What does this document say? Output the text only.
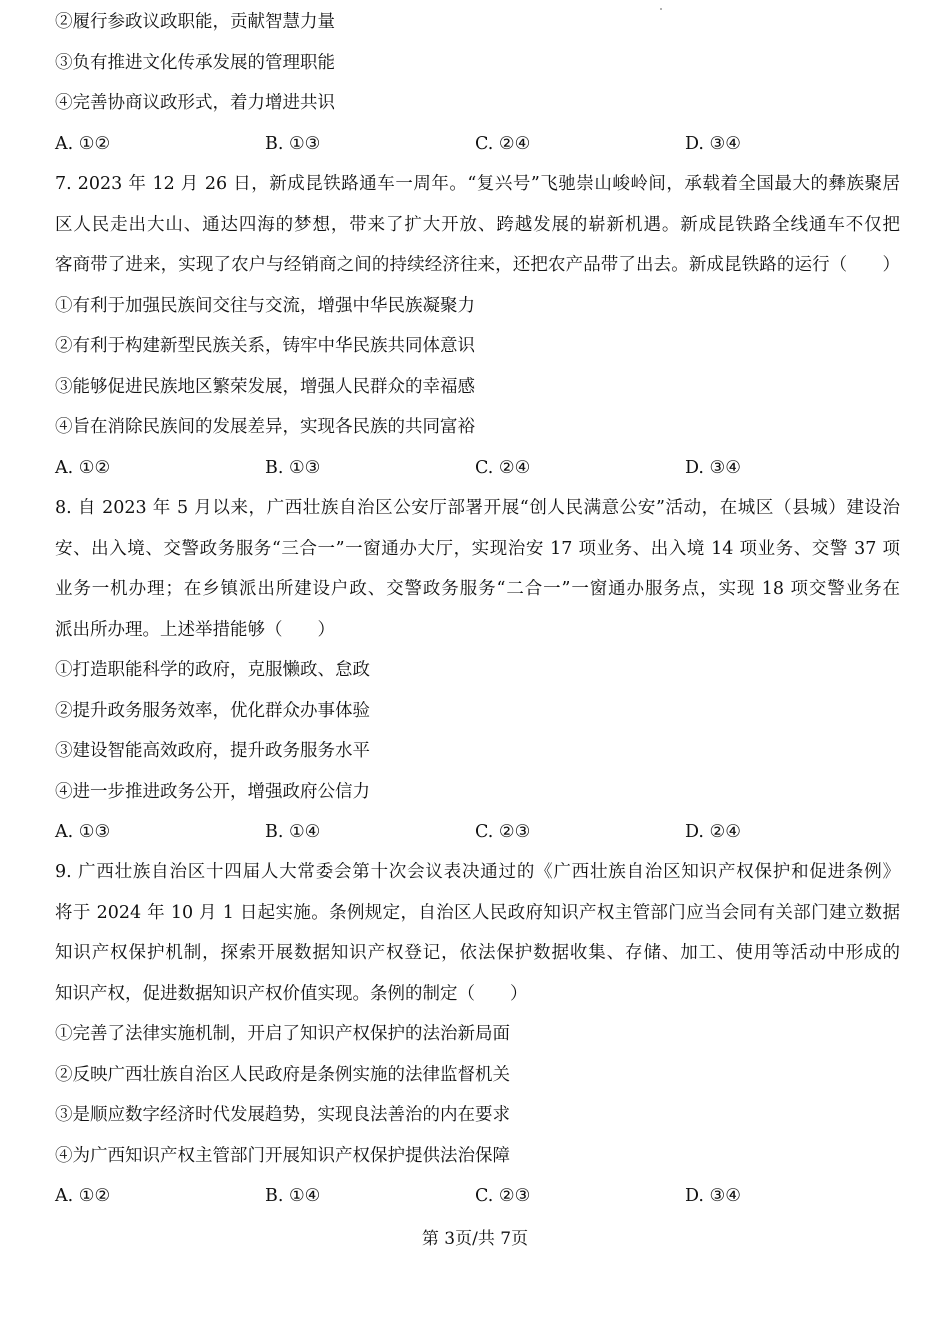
②履行参政议政职能，贡献智慧力量
③负有推进文化传承发展的管理职能
④完善协商议政形式，着力增进共识
A. ①②	B. ①③	C. ②④	D. ③④
7. 2023 年 12 月 26 日，新成昆铁路通车一周年。“复兴号”飞驰崇山峻岭间，承载着全国最大的彝族聚居
区人民走出大山、通达四海的梦想，带来了扩大开放、跨越发展的崭新机遇。新成昆铁路全线通车不仅把
客商带了进来，实现了农户与经销商之间的持续经济往来，还把农产品带了出去。新成昆铁路的运行（　　）
①有利于加强民族间交往与交流，增强中华民族凝聚力
②有利于构建新型民族关系，铸牢中华民族共同体意识
③能够促进民族地区繁荣发展，增强人民群众的幸福感
④旨在消除民族间的发展差异，实现各民族的共同富裕
A. ①②	B. ①③	C. ②④	D. ③④
8. 自 2023 年 5 月以来，广西壮族自治区公安厅部署开展“创人民满意公安”活动，在城区（县城）建设治
安、出入境、交警政务服务“三合一”一窗通办大厅，实现治安 17 项业务、出入境 14 项业务、交警 37 项
业务一机办理；在乡镇派出所建设户政、交警政务服务“二合一”一窗通办服务点，实现 18 项交警业务在
派出所办理。上述举措能够（　　）
①打造职能科学的政府，克服懒政、怠政
②提升政务服务效率，优化群众办事体验
③建设智能高效政府，提升政务服务水平
④进一步推进政务公开，增强政府公信力
A. ①③	B. ①④	C. ②③	D. ②④
9. 广西壮族自治区十四届人大常委会第十次会议表决通过的《广西壮族自治区知识产权保护和促进条例》
将于 2024 年 10 月 1 日起实施。条例规定，自治区人民政府知识产权主管部门应当会同有关部门建立数据
知识产权保护机制，探索开展数据知识产权登记，依法保护数据收集、存储、加工、使用等活动中形成的
知识产权，促进数据知识产权价值实现。条例的制定（　　）
①完善了法律实施机制，开启了知识产权保护的法治新局面
②反映广西壮族自治区人民政府是条例实施的法律监督机关
③是顺应数字经济时代发展趋势，实现良法善治的内在要求
④为广西知识产权主管部门开展知识产权保护提供法治保障
A. ①②	B. ①④	C. ②③	D. ③④
第 3页/共 7页
